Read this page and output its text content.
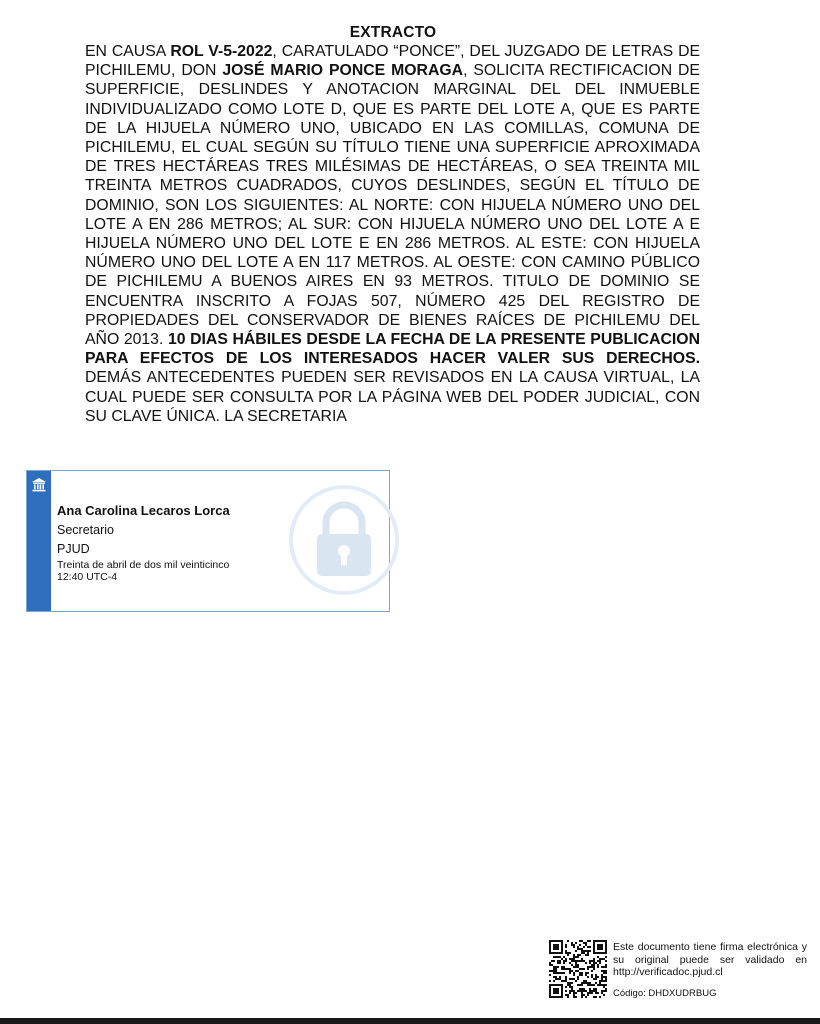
EXTRACTO
EN CAUSA ROL V-5-2022, CARATULADO “PONCE”, DEL JUZGADO DE LETRAS DE PICHILEMU, DON JOSÉ MARIO PONCE MORAGA, SOLICITA RECTIFICACION DE SUPERFICIE, DESLINDES Y ANOTACION MARGINAL DEL DEL INMUEBLE INDIVIDUALIZADO COMO LOTE D, QUE ES PARTE DEL LOTE A, QUE ES PARTE DE LA HIJUELA NÚMERO UNO, UBICADO EN LAS COMILLAS, COMUNA DE PICHILEMU, EL CUAL SEGÚN SU TÍTULO TIENE UNA SUPERFICIE APROXIMADA DE TRES HECTÁREAS TRES MILÉSIMAS DE HECTÁREAS, O SEA TREINTA MIL TREINTA METROS CUADRADOS, CUYOS DESLINDES, SEGÚN EL TÍTULO DE DOMINIO, SON LOS SIGUIENTES: AL NORTE: CON HIJUELA NÚMERO UNO DEL LOTE A EN 286 METROS; AL SUR: CON HIJUELA NÚMERO UNO DEL LOTE A E HIJUELA NÚMERO UNO DEL LOTE E EN 286 METROS. AL ESTE: CON HIJUELA NÚMERO UNO DEL LOTE A EN 117 METROS. AL OESTE: CON CAMINO PÚBLICO DE PICHILEMU A BUENOS AIRES EN 93 METROS. TITULO DE DOMINIO SE ENCUENTRA INSCRITO A FOJAS 507, NÚMERO 425 DEL REGISTRO DE PROPIEDADES DEL CONSERVADOR DE BIENES RAÍCES DE PICHILEMU DEL AÑO 2013. 10 DIAS HÁBILES DESDE LA FECHA DE LA PRESENTE PUBLICACION PARA EFECTOS DE LOS INTERESADOS HACER VALER SUS DERECHOS. DEMÁS ANTECEDENTES PUEDEN SER REVISADOS EN LA CAUSA VIRTUAL, LA CUAL PUEDE SER CONSULTA POR LA PÁGINA WEB DEL PODER JUDICIAL, CON SU CLAVE ÚNICA. LA SECRETARIA
Ana Carolina Lecaros Lorca
Secretario
PJUD
Treinta de abril de dos mil veinticinco
12:40 UTC-4
Este documento tiene firma electrónica y su original puede ser validado en http://verificadoc.pjud.cl
Código: DHDXUDRBUG
